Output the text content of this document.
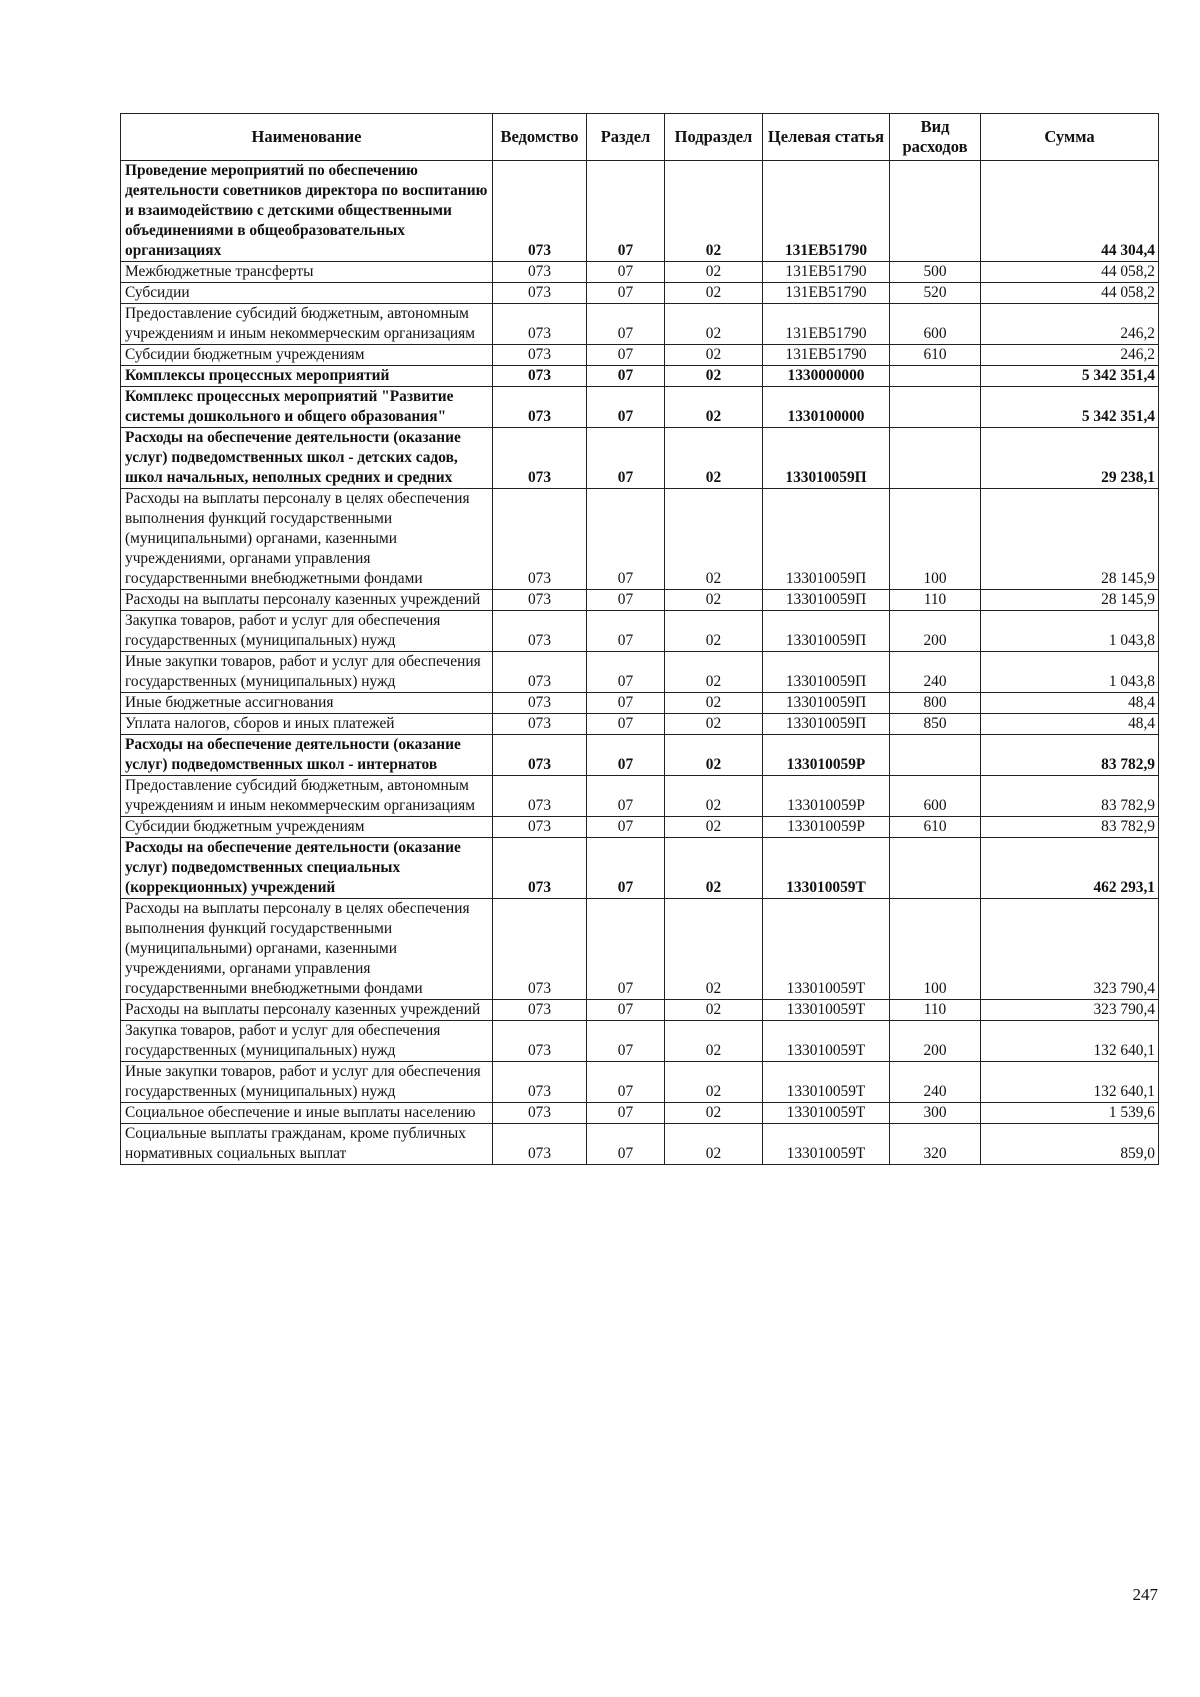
Наименование	Ведомство	Раздел	Подраздел	Целевая статья	Вид расходов	Сумма
Проведение мероприятий по обеспечению деятельности советников директора по воспитанию и взаимодействию с детскими общественными объединениями в общеобразовательных организациях	073	07	02	131EB51790		44 304,4
Межбюджетные трансферты	073	07	02	131EB51790	500	44 058,2
Субсидии	073	07	02	131EB51790	520	44 058,2
Предоставление субсидий бюджетным, автономным учреждениям и иным некоммерческим организациям	073	07	02	131EB51790	600	246,2
Субсидии бюджетным учреждениям	073	07	02	131EB51790	610	246,2
Комплексы процессных мероприятий	073	07	02	1330000000		5 342 351,4
Комплекс процессных мероприятий "Развитие системы дошкольного и общего образования"	073	07	02	1330100000		5 342 351,4
Расходы на обеспечение деятельности (оказание услуг) подведомственных школ - детских садов, школ начальных, неполных средних и средних	073	07	02	133010059П		29 238,1
Расходы на выплаты персоналу в целях обеспечения выполнения функций государственными (муниципальными) органами, казенными учреждениями, органами управления государственными внебюджетными фондами	073	07	02	133010059П	100	28 145,9
Расходы на выплаты персоналу казенных учреждений	073	07	02	133010059П	110	28 145,9
Закупка товаров, работ и услуг для обеспечения государственных (муниципальных) нужд	073	07	02	133010059П	200	1 043,8
Иные закупки товаров, работ и услуг для обеспечения государственных (муниципальных) нужд	073	07	02	133010059П	240	1 043,8
Иные бюджетные ассигнования	073	07	02	133010059П	800	48,4
Уплата налогов, сборов и иных платежей	073	07	02	133010059П	850	48,4
Расходы на обеспечение деятельности (оказание услуг) подведомственных школ - интернатов	073	07	02	133010059Р		83 782,9
Предоставление субсидий бюджетным, автономным учреждениям и иным некоммерческим организациям	073	07	02	133010059Р	600	83 782,9
Субсидии бюджетным учреждениям	073	07	02	133010059Р	610	83 782,9
Расходы на обеспечение деятельности (оказание услуг) подведомственных специальных (коррекционных) учреждений	073	07	02	133010059Т		462 293,1
Расходы на выплаты персоналу в целях обеспечения выполнения функций государственными (муниципальными) органами, казенными учреждениями, органами управления государственными внебюджетными фондами	073	07	02	133010059Т	100	323 790,4
Расходы на выплаты персоналу казенных учреждений	073	07	02	133010059Т	110	323 790,4
Закупка товаров, работ и услуг для обеспечения государственных (муниципальных) нужд	073	07	02	133010059Т	200	132 640,1
Иные закупки товаров, работ и услуг для обеспечения государственных (муниципальных) нужд	073	07	02	133010059Т	240	132 640,1
Социальное обеспечение и иные выплаты населению	073	07	02	133010059Т	300	1 539,6
Социальные выплаты гражданам, кроме публичных нормативных социальных выплат	073	07	02	133010059Т	320	859,0
247
